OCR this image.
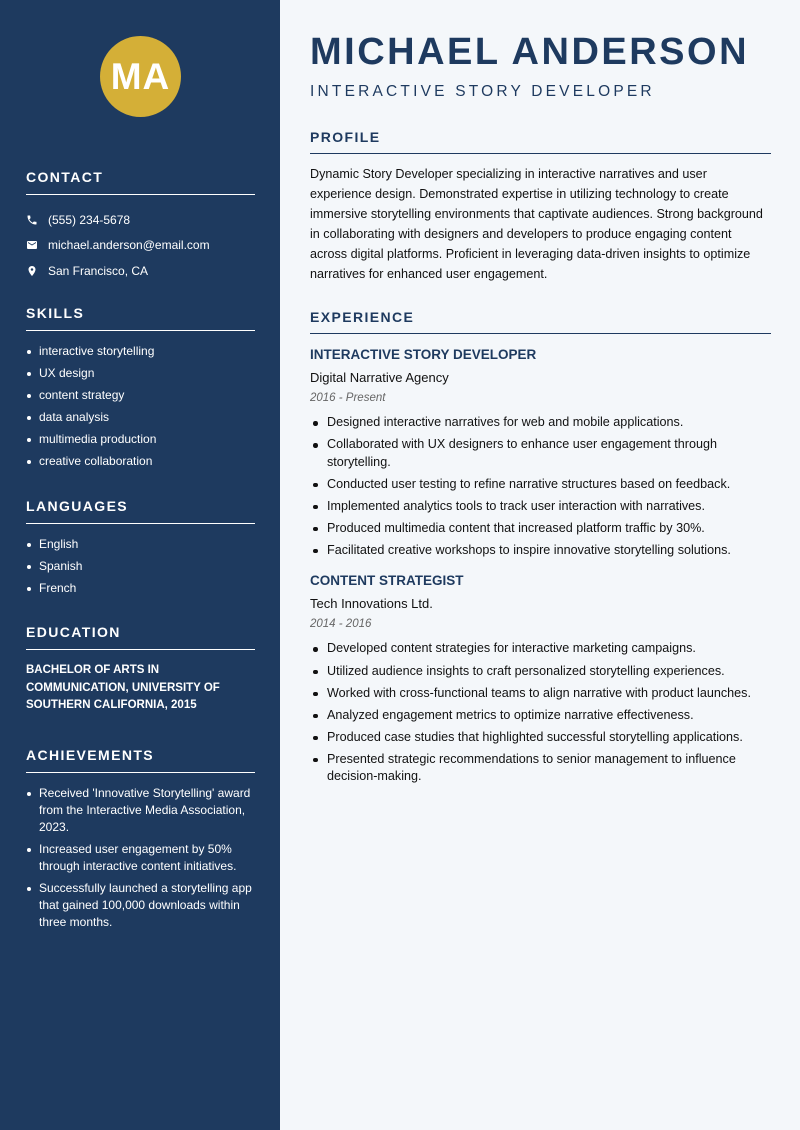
MA
CONTACT
(555) 234-5678
michael.anderson@email.com
San Francisco, CA
SKILLS
interactive storytelling
UX design
content strategy
data analysis
multimedia production
creative collaboration
LANGUAGES
English
Spanish
French
EDUCATION
BACHELOR OF ARTS IN COMMUNICATION, UNIVERSITY OF SOUTHERN CALIFORNIA, 2015
ACHIEVEMENTS
Received 'Innovative Storytelling' award from the Interactive Media Association, 2023.
Increased user engagement by 50% through interactive content initiatives.
Successfully launched a storytelling app that gained 100,000 downloads within three months.
MICHAEL ANDERSON
INTERACTIVE STORY DEVELOPER
PROFILE
Dynamic Story Developer specializing in interactive narratives and user experience design. Demonstrated expertise in utilizing technology to create immersive storytelling environments that captivate audiences. Strong background in collaborating with designers and developers to produce engaging content across digital platforms. Proficient in leveraging data-driven insights to optimize narratives for enhanced user engagement.
EXPERIENCE
INTERACTIVE STORY DEVELOPER
Digital Narrative Agency
2016 - Present
Designed interactive narratives for web and mobile applications.
Collaborated with UX designers to enhance user engagement through storytelling.
Conducted user testing to refine narrative structures based on feedback.
Implemented analytics tools to track user interaction with narratives.
Produced multimedia content that increased platform traffic by 30%.
Facilitated creative workshops to inspire innovative storytelling solutions.
CONTENT STRATEGIST
Tech Innovations Ltd.
2014 - 2016
Developed content strategies for interactive marketing campaigns.
Utilized audience insights to craft personalized storytelling experiences.
Worked with cross-functional teams to align narrative with product launches.
Analyzed engagement metrics to optimize narrative effectiveness.
Produced case studies that highlighted successful storytelling applications.
Presented strategic recommendations to senior management to influence decision-making.
